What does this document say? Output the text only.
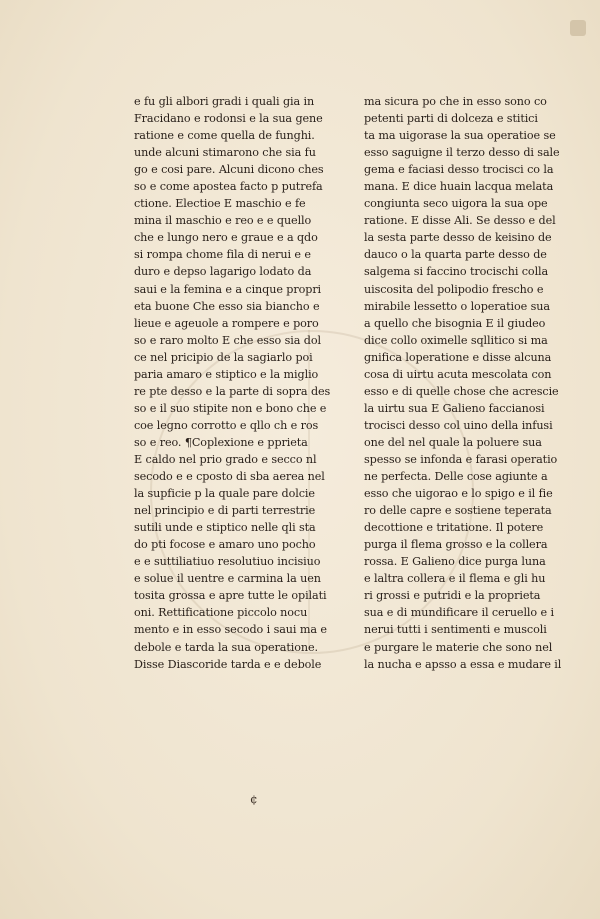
e fu gli albori gradi i quali gia in
Fracidano e rodonsi e la sua gene
ratione e come quella de funghi.
unde alcuni stimarono che sia fu
go e cosi pare. Alcuni dicono ches
so e come apostea facto p putrefa
ctione. Electioe E maschio e fe
mina il maschio e reo e e quello
che e lungo nero e graue e a qdo
si rompa chome fila di nerui e e
duro e depso lagarigo lodato da
saui e la femina e a cinque propri
eta buone Che esso sia biancho e
lieue e ageuole a rompere e poro
so e raro molto E che esso sia dol
ce nel pricipio de la sagiarlo poi
paria amaro e stiptico e la miglio
re pte desso e la parte di sopra des
so e il suo stipite non e bono che e
coe legno corrotto e qllo ch e ros
so e reo. ¶Coplexione e pprieta
E caldo nel prio grado e secco nl
secodo e e cposto di sba aerea nel
la supficie p la quale pare dolcie
nel principio e di parti terrestrie
sutili unde e stiptico nelle qli sta
do pti focose e amaro uno pocho
e e suttiliatiuo resolutiuo incisiuo
e solue il uentre e carmina la uen
tosita grossa e apre tutte le opilati
oni. Rettificatione piccolo nocu
mento e in esso secodo i saui ma e
debole e tarda la sua operatione.
Disse Diascoride tarda e e debole
ma sicura po che in esso sono co
petenti parti di dolceza e stitici
ta ma uigorase la sua operatioe se
esso saguigne il terzo desso di sale
gema e faciasi desso trocisci co la
mana. E dice huain lacqua melata
congiunta seco uigora la sua ope
ratione. E disse Ali. Se desso e del
la sesta parte desso de keisino de
dauco o la quarta parte desso de
salgema si faccino trocischi colla
uiscosita del polipodio frescho e
mirabile lessetto o loperatioe sua
a quello che bisognia E il giudeo
dice collo oximelle sqllitico si ma
gnifica loperatione e disse alcuna
cosa di uirtu acuta mescolata con
esso e di quelle chose che acrescie
la uirtu sua E Galieno faccianosi
trocisci desso col uino della infusi
one del nel quale la poluere sua
spesso se infonda e farasi operatio
ne perfecta. Delle cose agiunte a
esso che uigorao e lo spigo e il fie
ro delle capre e sostiene teperata
decottione e tritatione. Il potere
purga il flema grosso e la collera
rossa. E Galieno dice purga luna
e laltra collera e il flema e gli hu
ri grossi e putridi e la proprieta
sua e di mundificare il ceruello e i
nerui tutti i sentimenti e muscoli
e purgare le materie che sono nel
la nucha e apsso a essa e mudare il
¢
